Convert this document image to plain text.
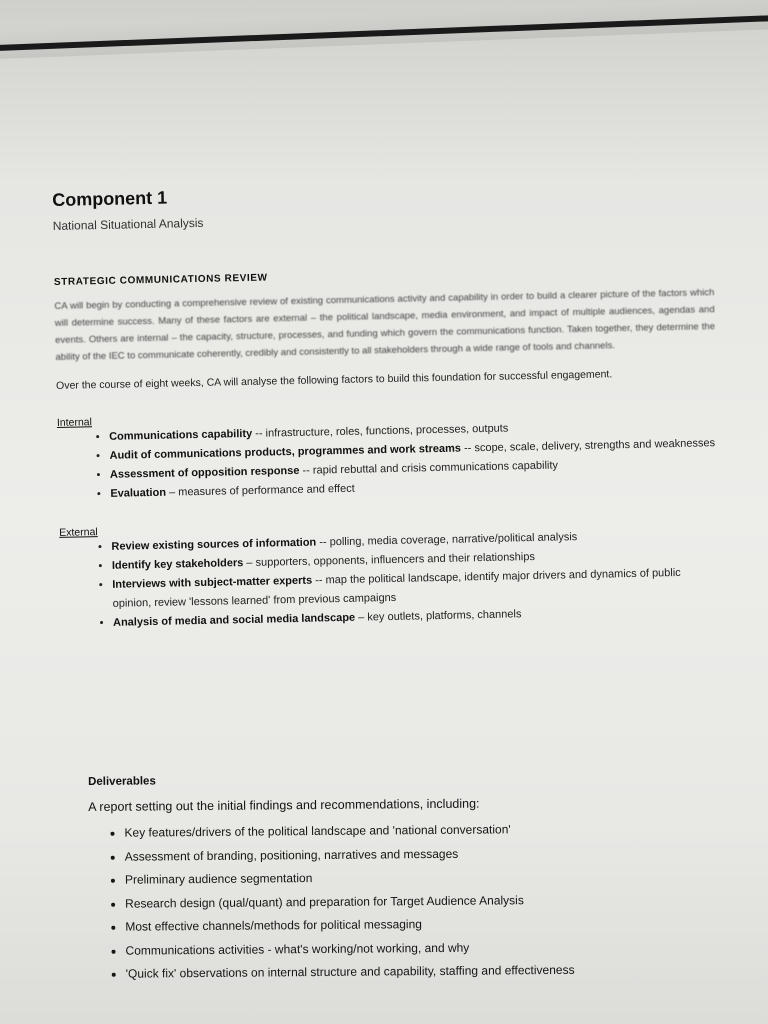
Component 1

National Situational Analysis

STRATEGIC COMMUNICATIONS REVIEW
CA will begin by conducting a comprehensive review of existing communications activity and capability in order to build a clearer picture of the factors which will determine success. Many of these factors are external – the political landscape, media environment, and impact of multiple audiences, agendas and events. Others are internal – the capacity, structure, processes, and funding which govern the communications function. Taken together, they determine the ability of the IEC to communicate coherently, credibly and consistently to all stakeholders through a wide range of tools and channels.
Over the course of eight weeks, CA will analyse the following factors to build this foundation for successful engagement.
Internal
• Communications capability -- infrastructure, roles, functions, processes, outputs
• Audit of communications products, programmes and work streams -- scope, scale, delivery, strengths and weaknesses
• Assessment of opposition response -- rapid rebuttal and crisis communications capability
• Evaluation – measures of performance and effect
External
• Review existing sources of information -- polling, media coverage, narrative/political analysis
• Identify key stakeholders – supporters, opponents, influencers and their relationships
• Interviews with subject-matter experts -- map the political landscape, identify major drivers and dynamics of public opinion, review 'lessons learned' from previous campaigns
• Analysis of media and social media landscape – key outlets, platforms, channels
Deliverables
A report setting out the initial findings and recommendations, including:
• Key features/drivers of the political landscape and 'national conversation'
• Assessment of branding, positioning, narratives and messages
• Preliminary audience segmentation
• Research design (qual/quant) and preparation for Target Audience Analysis
• Most effective channels/methods for political messaging
• Communications activities - what's working/not working, and why
• 'Quick fix' observations on internal structure and capability, staffing and effectiveness
